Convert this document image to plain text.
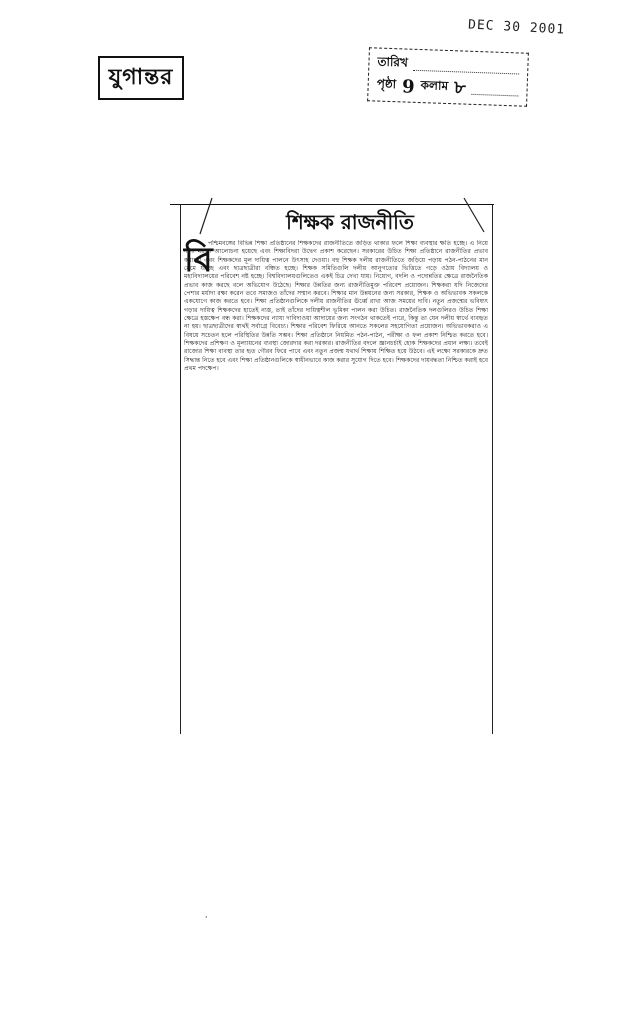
DEC 30 2001
যুগান্তর
তারিখ
পৃষ্ঠা 9 কলাম ৮
শিক্ষক রাজনীতি
বি
পশ্চিমবঙ্গের বিভিন্ন শিক্ষা প্রতিষ্ঠানের শিক্ষকদের রাজনীতিতে জড়িত থাকার ফলে শিক্ষা ব্যবস্থার ক্ষতি হচ্ছে। এ নিয়ে নানা মহলে আলোচনা হয়েছে এবং শিক্ষাবিদরা উদ্বেগ প্রকাশ করেছেন। সরকারের উচিত শিক্ষা প্রতিষ্ঠানে রাজনীতির প্রভাব কমানো এবং শিক্ষকদের মূল দায়িত্ব পালনে উৎসাহ দেওয়া। বহু শিক্ষক দলীয় রাজনীতিতে জড়িয়ে পড়ায় পঠন-পাঠনের মান নেমে যাচ্ছে এবং ছাত্রছাত্রীরা বঞ্চিত হচ্ছে। শিক্ষক সমিতিগুলি দলীয় আনুগত্যের ভিত্তিতে গড়ে ওঠায় বিদ্যালয় ও মহাবিদ্যালয়ের পরিবেশ নষ্ট হচ্ছে। বিশ্ববিদ্যালয়গুলিতেও একই চিত্র দেখা যায়। নিয়োগ, বদলি ও পদোন্নতির ক্ষেত্রে রাজনৈতিক প্রভাব কাজ করছে বলে অভিযোগ উঠেছে। শিক্ষার উন্নতির জন্য রাজনীতিমুক্ত পরিবেশ প্রয়োজন। শিক্ষকরা যদি নিজেদের পেশার মর্যাদা রক্ষা করেন তবে সমাজও তাঁদের সম্মান করবে। শিক্ষার মান উন্নয়নের জন্য সরকার, শিক্ষক ও অভিভাবক সকলকে একযোগে কাজ করতে হবে। শিক্ষা প্রতিষ্ঠানগুলিকে দলীয় রাজনীতির ঊর্ধ্বে রাখা আজ সময়ের দাবি। নতুন প্রজন্মের ভবিষ্যৎ গড়ার দায়িত্ব শিক্ষকদের হাতেই ন্যস্ত, তাই তাঁদের দায়িত্বশীল ভূমিকা পালন করা উচিত। রাজনৈতিক দলগুলিরও উচিত শিক্ষা ক্ষেত্রে হস্তক্ষেপ বন্ধ করা। শিক্ষকদের ন্যায্য দাবিদাওয়া আদায়ের জন্য সংগঠন থাকতেই পারে, কিন্তু তা যেন দলীয় স্বার্থে ব্যবহৃত না হয়। ছাত্রছাত্রীদের স্বার্থই সর্বাগ্রে বিবেচ্য। শিক্ষার পরিবেশ ফিরিয়ে আনতে সকলের সহযোগিতা প্রয়োজন। অভিভাবকরাও এ বিষয়ে সচেতন হলে পরিস্থিতির উন্নতি সম্ভব। শিক্ষা প্রতিষ্ঠানে নিয়মিত পঠন-পাঠন, পরীক্ষা ও ফল প্রকাশ নিশ্চিত করতে হবে। শিক্ষকদের প্রশিক্ষণ ও মূল্যায়নের ব্যবস্থা জোরদার করা দরকার। রাজনীতির বদলে জ্ঞানচর্চাই হোক শিক্ষকদের প্রধান লক্ষ্য। তবেই রাজ্যের শিক্ষা ব্যবস্থা তার হৃত গৌরব ফিরে পাবে এবং নতুন প্রজন্ম যথার্থ শিক্ষায় শিক্ষিত হয়ে উঠবে। এই লক্ষ্যে সরকারকে দ্রুত সিদ্ধান্ত নিতে হবে এবং শিক্ষা প্রতিষ্ঠানগুলিকে স্বাধীনভাবে কাজ করার সুযোগ দিতে হবে। শিক্ষকদের দায়বদ্ধতা নিশ্চিত করাই হবে প্রথম পদক্ষেপ।
,
